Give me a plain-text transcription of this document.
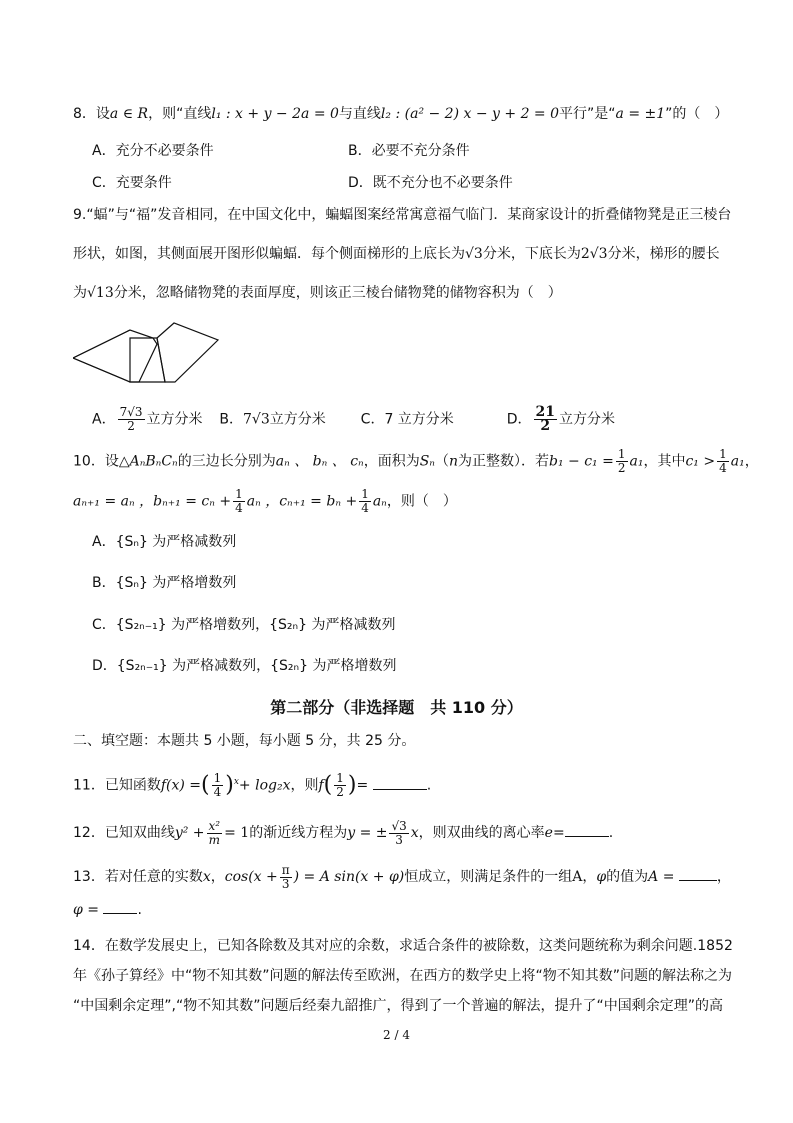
8．设a ∈ R，则“直线l₁ : x + y − 2a = 0与直线l₂ : (a² − 2) x − y + 2 = 0平行”是“a = ±1”的（　）
A．充分不必要条件	B．必要不充分条件
C．充要条件	D．既不充分也不必要条件
9.“蝠”与“福”发音相同，在中国文化中，蝙蝠图案经常寓意福气临门．某商家设计的折叠储物凳是正三棱台
形状，如图，其侧面展开图形似蝙蝠．每个侧面梯形的上底长为√3分米，下底长为2√3分米，梯形的腰长
为√13分米，忽略储物凳的表面厚度，则该正三棱台储物凳的储物容积为（　）
A． $\frac{7√3}{2}$ 立方分米 B．7√3立方分米 C．7 立方分米	D． $\frac{21}{2}$ 立方分米
10．设△AₙBₙCₙ的三边长分别为aₙ 、 bₙ 、 cₙ，面积为Sₙ（n为正整数）．若$b_1 - c_1 = \frac{1}{2} a_1$，其中$c_1 > \frac{1}{4} a_1$，
aₙ₊₁ = aₙ ，$b_{n+1} = c_n + \frac{1}{4}$ aₙ ，$c_{n+1} = b_n + \frac{1}{4}$ aₙ，则（　）
A．{Sₙ} 为严格减数列
B．{Sₙ} 为严格增数列
C．{S₂ₙ₋₁} 为严格增数列，{S₂ₙ} 为严格减数列
D．{S₂ₙ₋₁} 为严格减数列，{S₂ₙ} 为严格增数列
第二部分（非选择题　共 110 分）
二、填空题：本题共 5 小题，每小题 5 分，共 25 分。
11．已知函数f(x) =( $\frac{1}{4} )^x+ \log_2x$，则$f( \frac{1}{2}$ )=	.
12．已知双曲线$y^2 + \frac{\text{x²}}{m} = 1$的渐近线方程为y = ± $\frac{√3}{3}$ x，则双曲线的离心率e=	.
13．若对任意的实数x，$\cos(x + \frac{\pi}{3}$ ) = A sin(x + φ)恒成立，则满足条件的一组A，φ的值为A =	，
φ =	.
14．在数学发展史上，已知各除数及其对应的余数，求适合条件的被除数，这类问题统称为剩余问题.1852
年《孙子算经》中“物不知其数”问题的解法传至欧洲，在西方的数学史上将“物不知其数”问题的解法称之为
“中国剩余定理”,“物不知其数”问题后经秦九韶推广，得到了一个普遍的解法，提升了“中国剩余定理”的高
2 / 4
